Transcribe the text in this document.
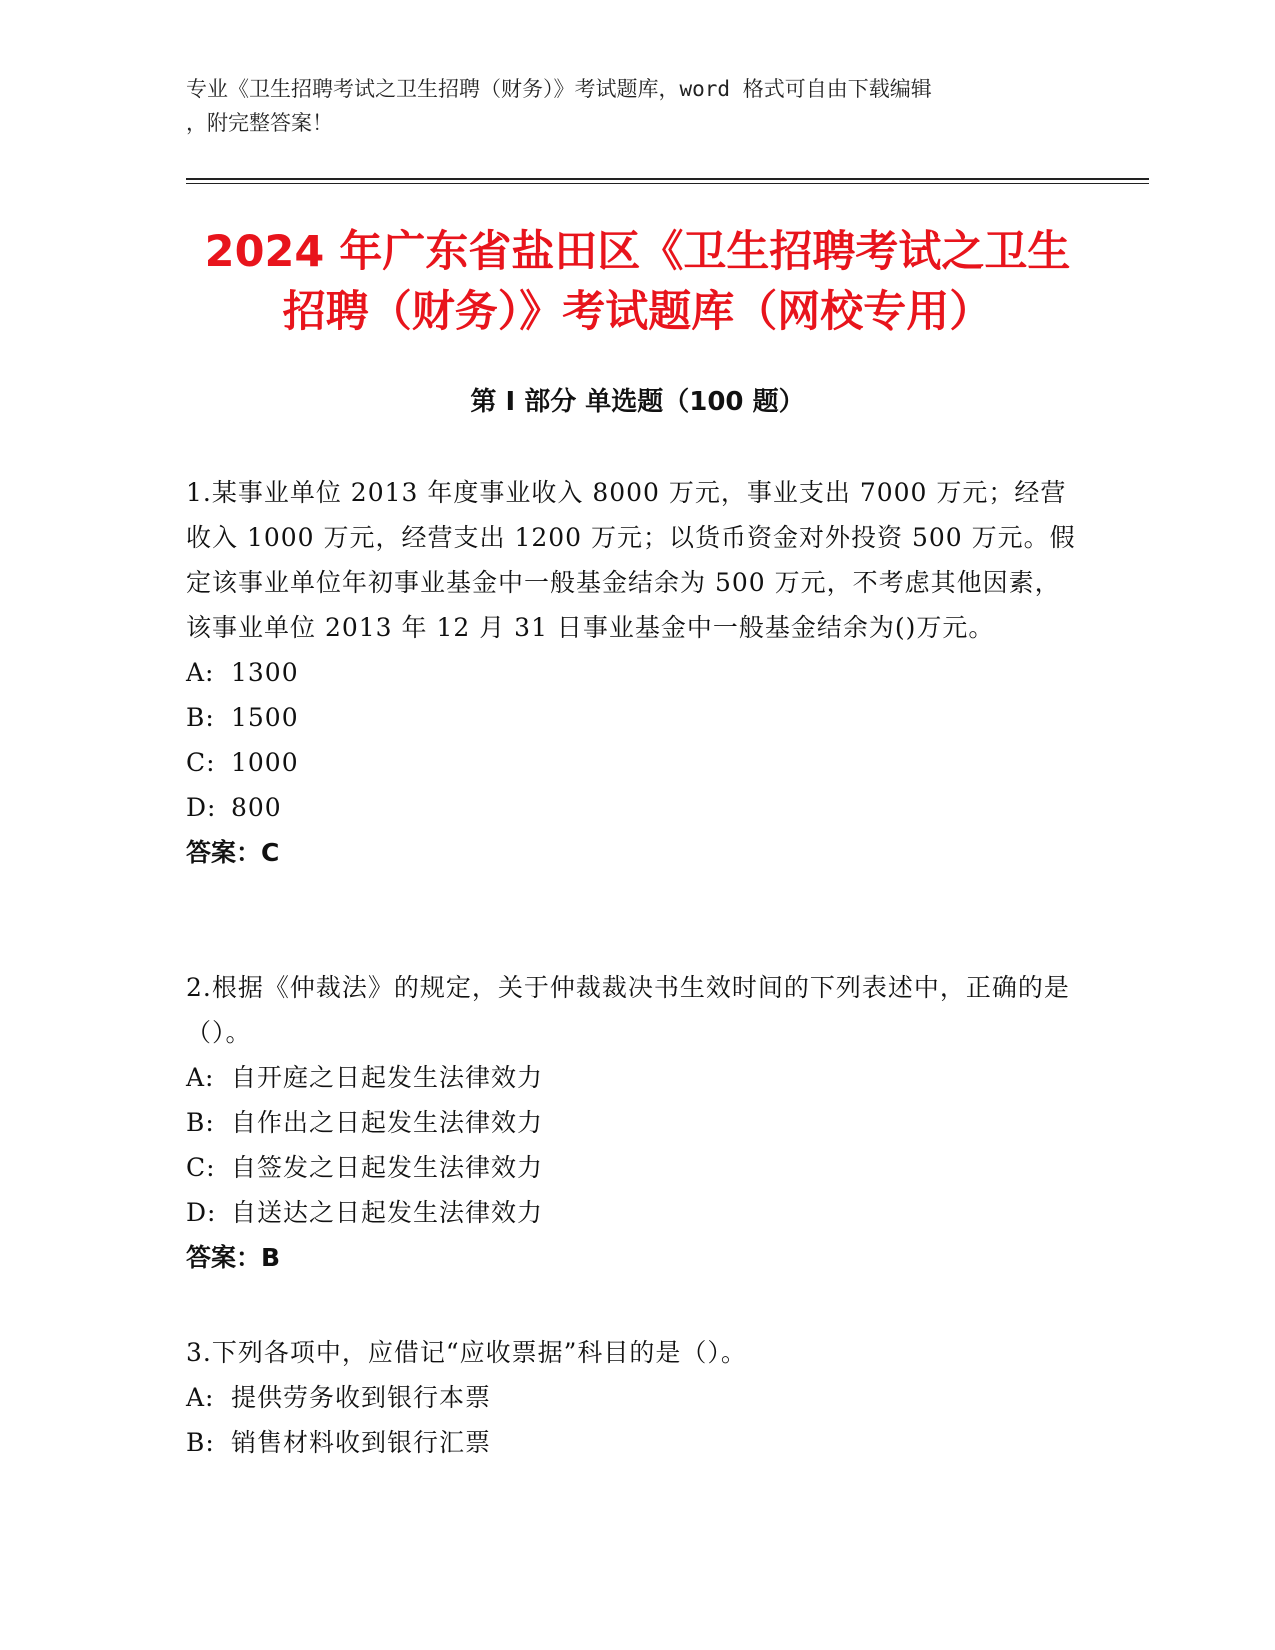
专业《卫生招聘考试之卫生招聘（财务）》考试题库，word 格式可自由下载编辑
，附完整答案！
2024 年广东省盐田区《卫生招聘考试之卫生
招聘（财务）》考试题库（网校专用）
第 I 部分 单选题（100 题）
1.某事业单位 2013 年度事业收入 8000 万元，事业支出 7000 万元；经营收入 1000 万元，经营支出 1200 万元；以货币资金对外投资 500 万元。假定该事业单位年初事业基金中一般基金结余为 500 万元，不考虑其他因素，该事业单位 2013 年 12 月 31 日事业基金中一般基金结余为()万元。
A: 1300
B: 1500
C: 1000
D: 800
答案：C
2.根据《仲裁法》的规定，关于仲裁裁决书生效时间的下列表述中，正确的是（）。
A: 自开庭之日起发生法律效力
B: 自作出之日起发生法律效力
C: 自签发之日起发生法律效力
D: 自送达之日起发生法律效力
答案：B
3.下列各项中，应借记“应收票据”科目的是（）。
A: 提供劳务收到银行本票
B: 销售材料收到银行汇票
